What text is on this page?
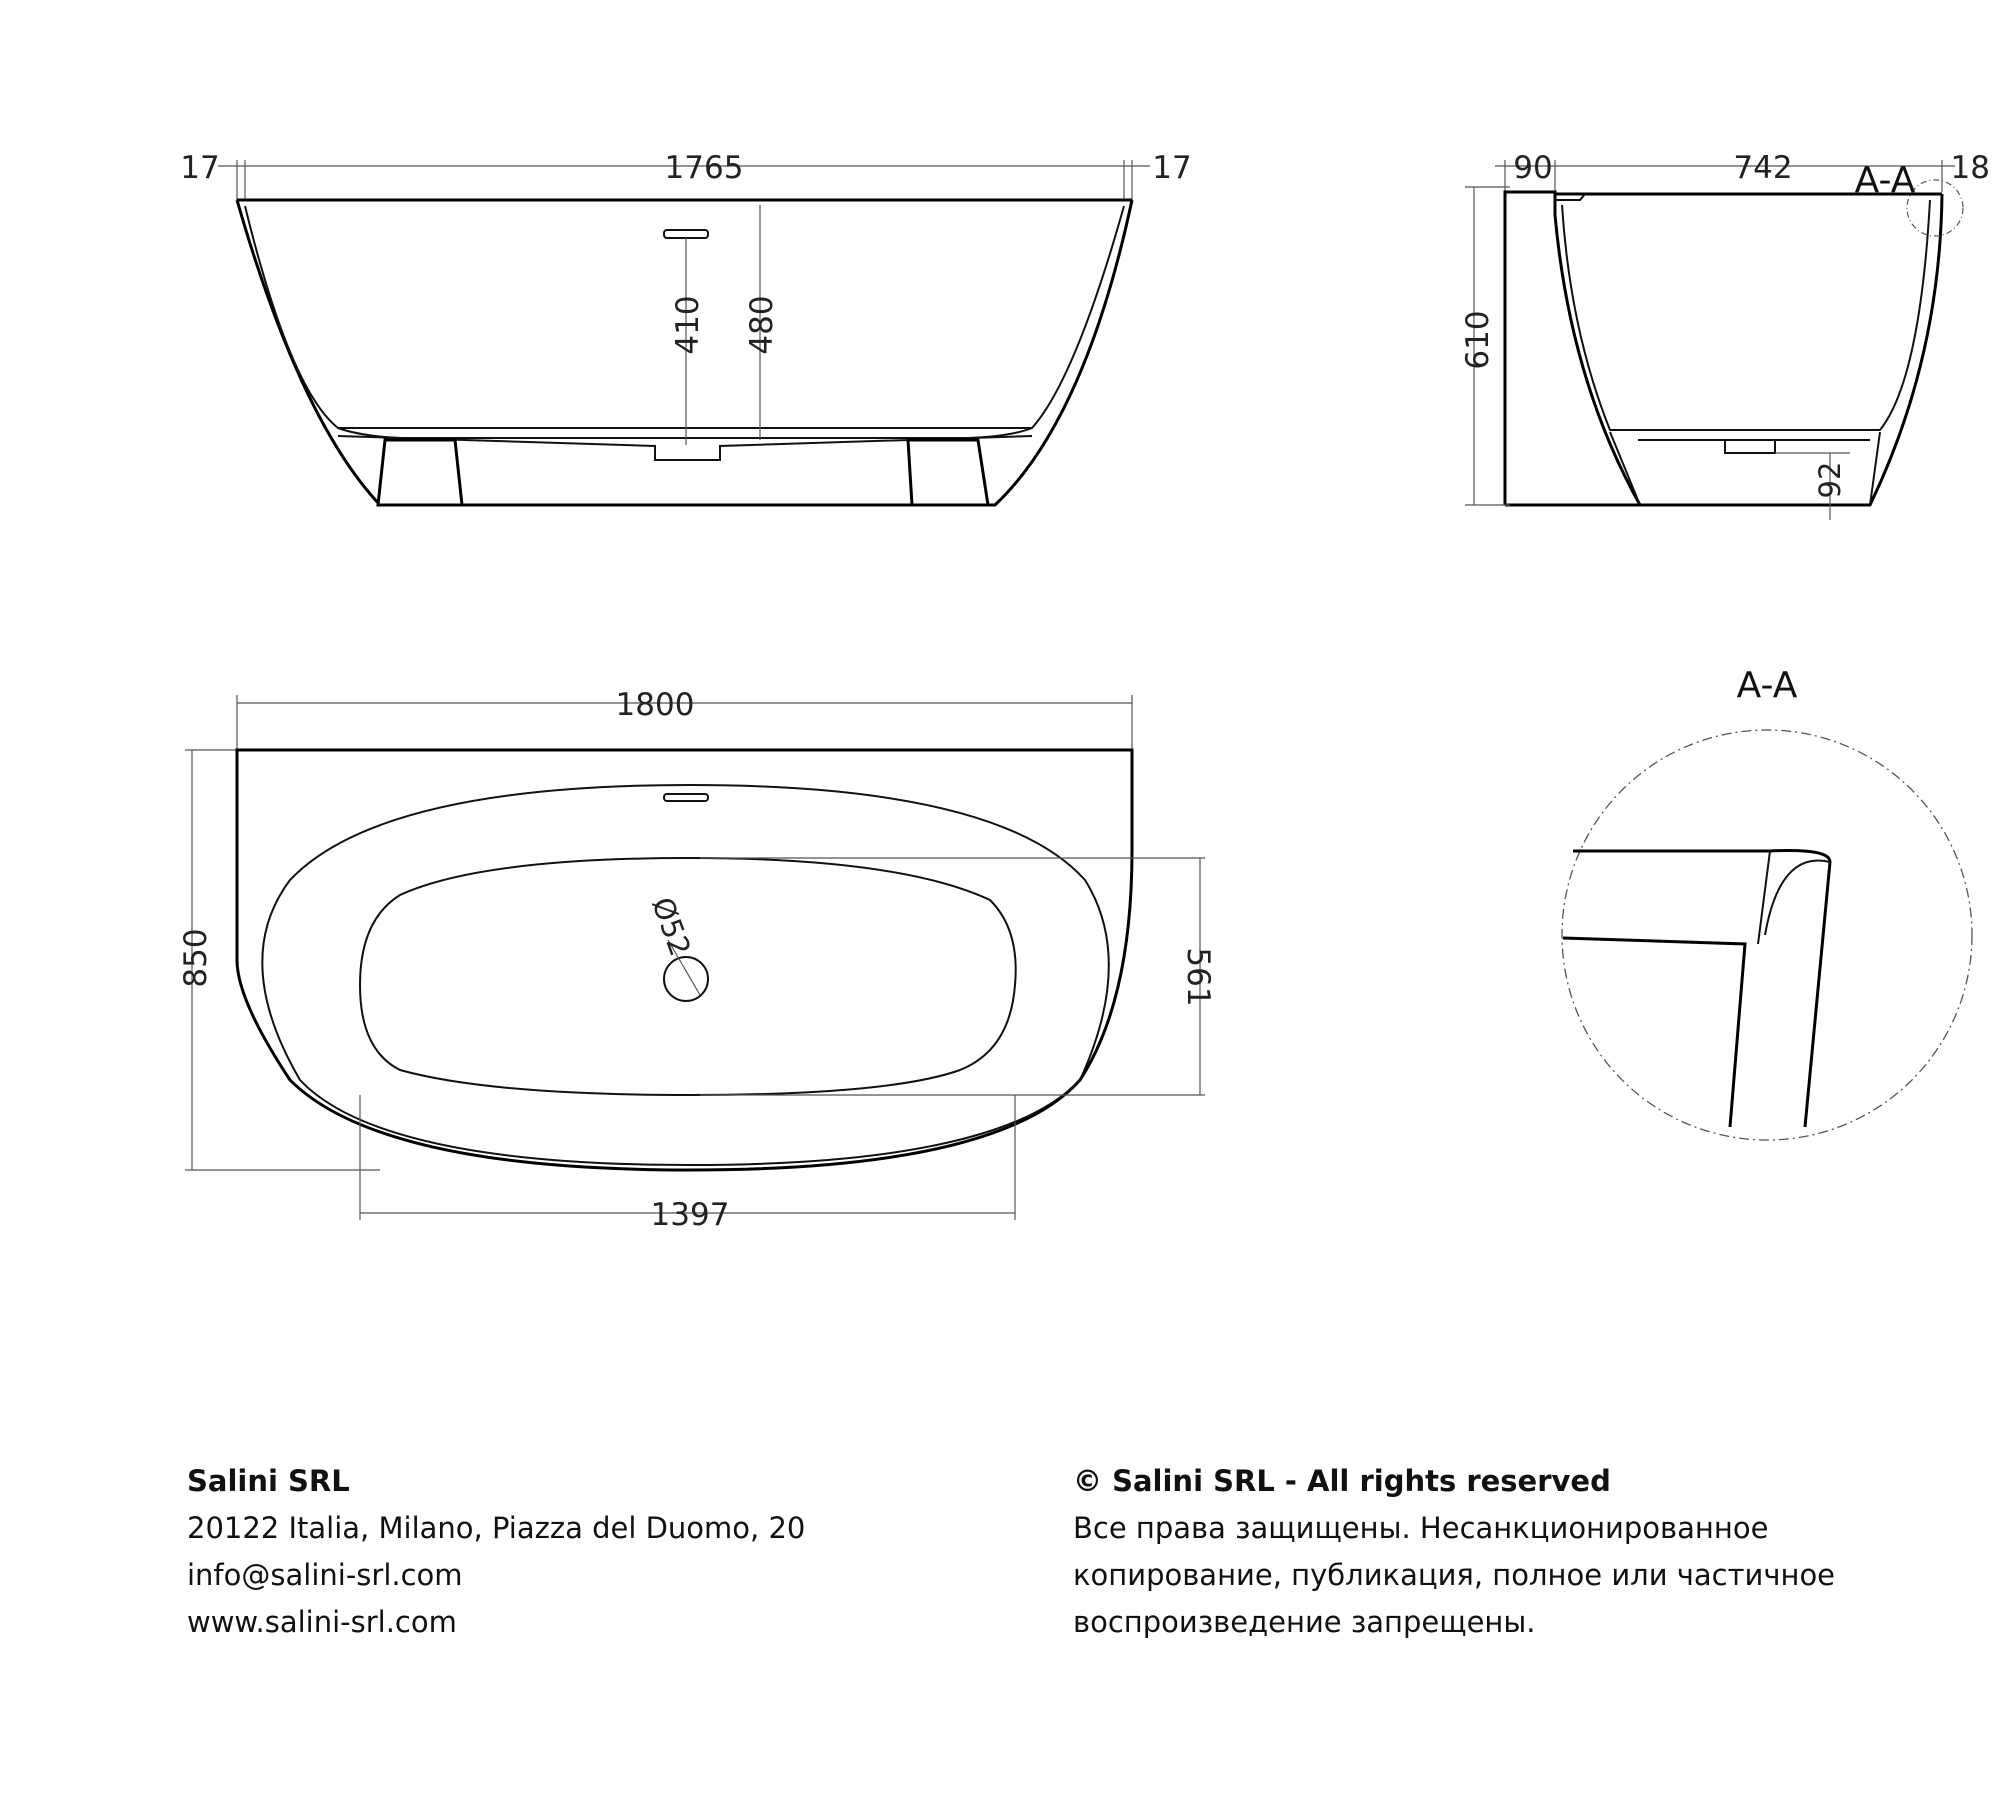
17	1765	17
410 480
90	742	18
A-A
610
92
1800
850
1397
561
Ø52
A-A
Salini SRL
20122 Italia, Milano, Piazza del Duomo, 20
info@salini-srl.com
www.salini-srl.com
© Salini SRL - All rights reserved
Все права защищены. Несанкционированное
копирование, публикация, полное или частичное
воспроизведение запрещены.
